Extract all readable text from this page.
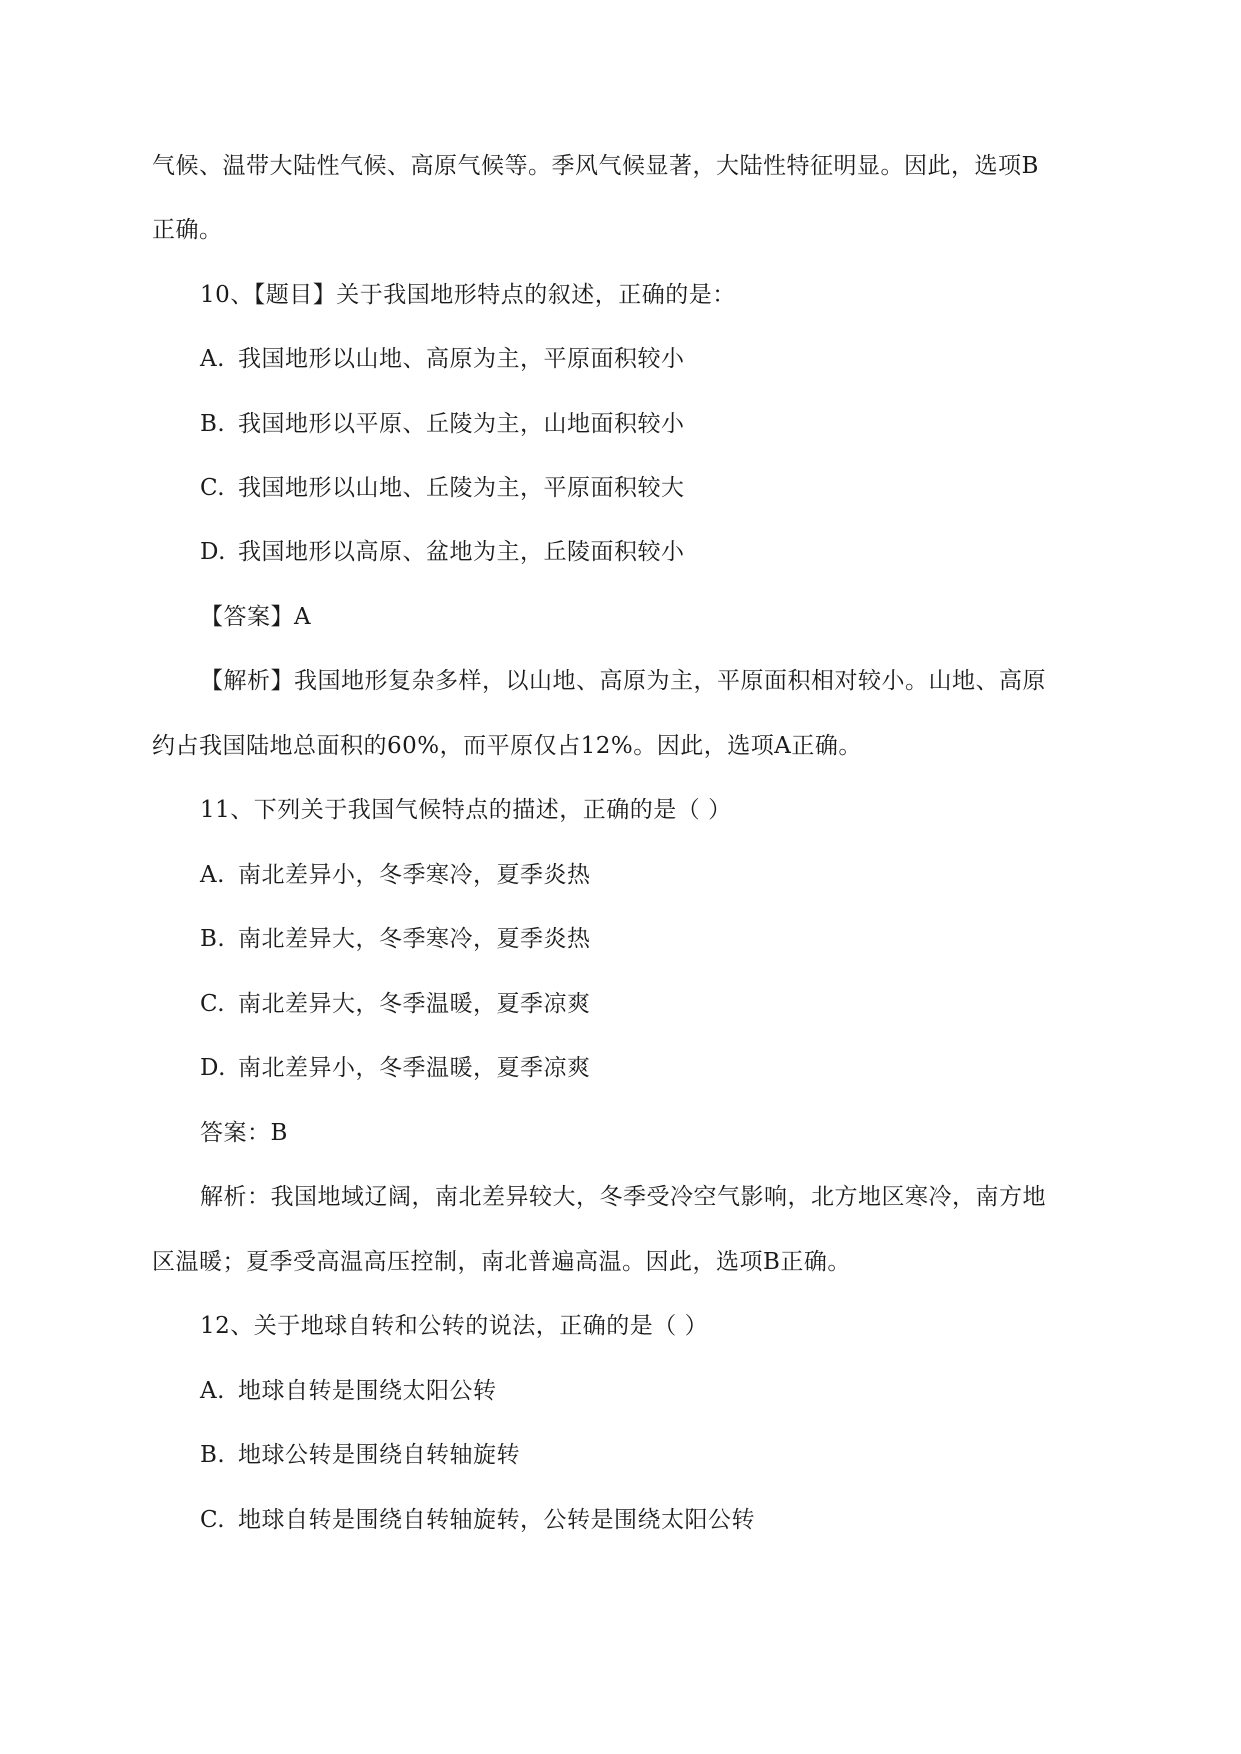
气候、温带大陆性气候、高原气候等。季风气候显著，大陆性特征明显。因此，选项B
正确。
10、【题目】关于我国地形特点的叙述，正确的是：
A. 我国地形以山地、高原为主，平原面积较小
B. 我国地形以平原、丘陵为主，山地面积较小
C. 我国地形以山地、丘陵为主，平原面积较大
D. 我国地形以高原、盆地为主，丘陵面积较小
【答案】A
【解析】我国地形复杂多样，以山地、高原为主，平原面积相对较小。山地、高原
约占我国陆地总面积的60%，而平原仅占12%。因此，选项A正确。
11、下列关于我国气候特点的描述，正确的是（ ）
A. 南北差异小，冬季寒冷，夏季炎热
B. 南北差异大，冬季寒冷，夏季炎热
C. 南北差异大，冬季温暖，夏季凉爽
D. 南北差异小，冬季温暖，夏季凉爽
答案：B
解析：我国地域辽阔，南北差异较大，冬季受冷空气影响，北方地区寒冷，南方地
区温暖；夏季受高温高压控制，南北普遍高温。因此，选项B正确。
12、关于地球自转和公转的说法，正确的是（ ）
A. 地球自转是围绕太阳公转
B. 地球公转是围绕自转轴旋转
C. 地球自转是围绕自转轴旋转，公转是围绕太阳公转
